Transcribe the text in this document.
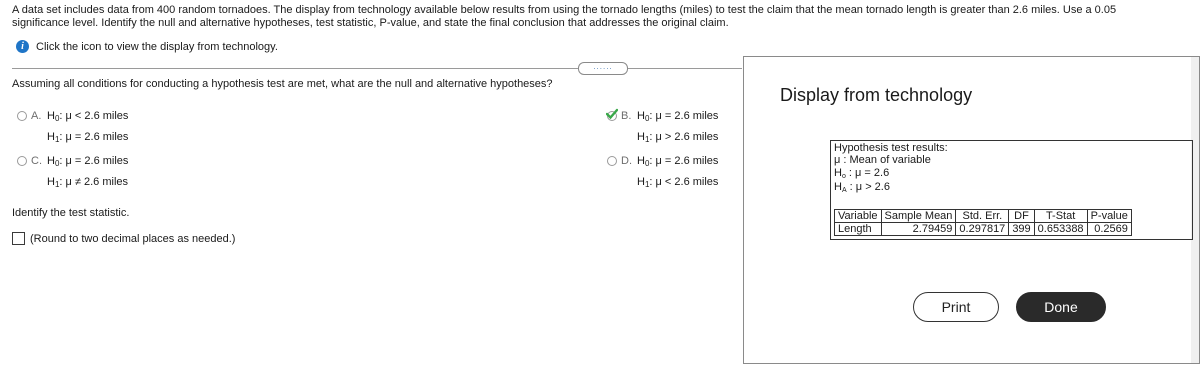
A data set includes data from 400 random tornadoes. The display from technology available below results from using the tornado lengths (miles) to test the claim that the mean tornado length is greater than 2.6 miles. Use a 0.05

significance level. Identify the null and alternative hypotheses, test statistic, P-value, and state the final conclusion that addresses the original claim.

i	Click the icon to view the display from technology.
......
Assuming all conditions for conducting a hypothesis test are met, what are the null and alternative hypotheses?
A. $H_0$: μ < 2.6 miles
$H_1$: μ = 2.6 miles
B. $H_0$: μ = 2.6 miles
$H_1$: μ > 2.6 miles
C. $H_0$: μ = 2.6 miles
$H_1$: μ ≠ 2.6 miles
D. $H_0$: μ = 2.6 miles
$H_1$: μ < 2.6 miles
Identify the test statistic.
(Round to two decimal places as needed.)
Display from technology
Hypothesis test results:
μ : Mean of variable
$H_o$ : μ = 2.6
$H_A$ : μ > 2.6
Variable	Sample Mean	Std. Err.	DF	T-Stat	P-value
Length	2.79459	0.297817	399	0.653388	0.2569
Print	Done
